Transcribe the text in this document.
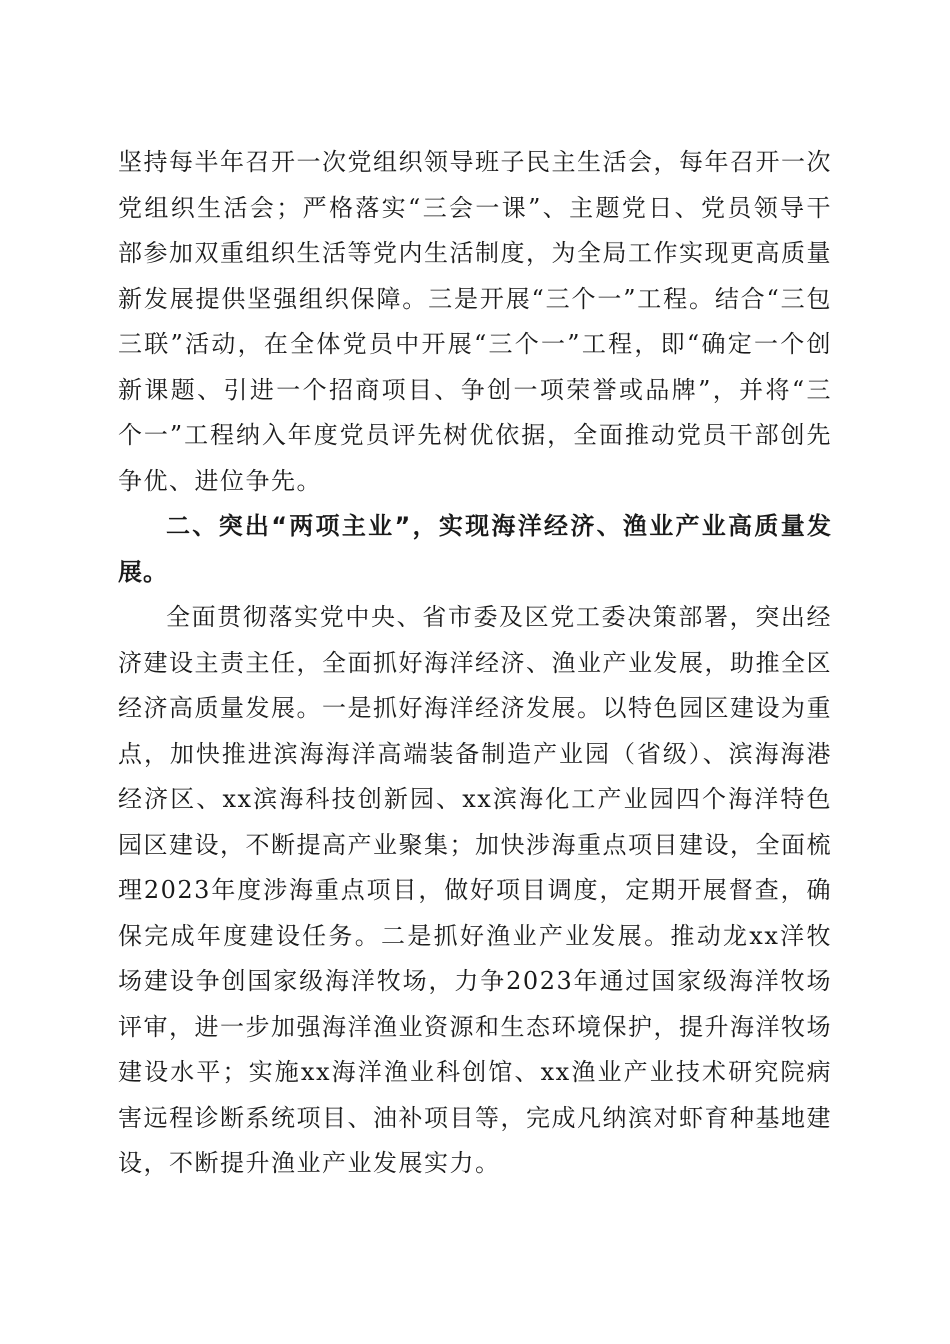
坚持每半年召开一次党组织领导班子民主生活会，每年召开一次党组织生活会；严格落实“三会一课”、主题党日、党员领导干部参加双重组织生活等党内生活制度，为全局工作实现更高质量新发展提供坚强组织保障。三是开展“三个一”工程。结合“三包三联”活动，在全体党员中开展“三个一”工程，即“确定一个创新课题、引进一个招商项目、争创一项荣誉或品牌”，并将“三个一”工程纳入年度党员评先树优依据，全面推动党员干部创先争优、进位争先。

二、突出“两项主业”，实现海洋经济、渔业产业高质量发展。

全面贯彻落实党中央、省市委及区党工委决策部署，突出经济建设主责主任，全面抓好海洋经济、渔业产业发展，助推全区经济高质量发展。一是抓好海洋经济发展。以特色园区建设为重点，加快推进滨海海洋高端装备制造产业园（省级）、滨海海港经济区、xx滨海科技创新园、xx滨海化工产业园四个海洋特色园区建设，不断提高产业聚集；加快涉海重点项目建设，全面梳理2023年度涉海重点项目，做好项目调度，定期开展督查，确保完成年度建设任务。二是抓好渔业产业发展。推动龙xx洋牧场建设争创国家级海洋牧场，力争2023年通过国家级海洋牧场评审，进一步加强海洋渔业资源和生态环境保护，提升海洋牧场建设水平；实施xx海洋渔业科创馆、xx渔业产业技术研究院病害远程诊断系统项目、油补项目等，完成凡纳滨对虾育种基地建设，不断提升渔业产业发展实力。
